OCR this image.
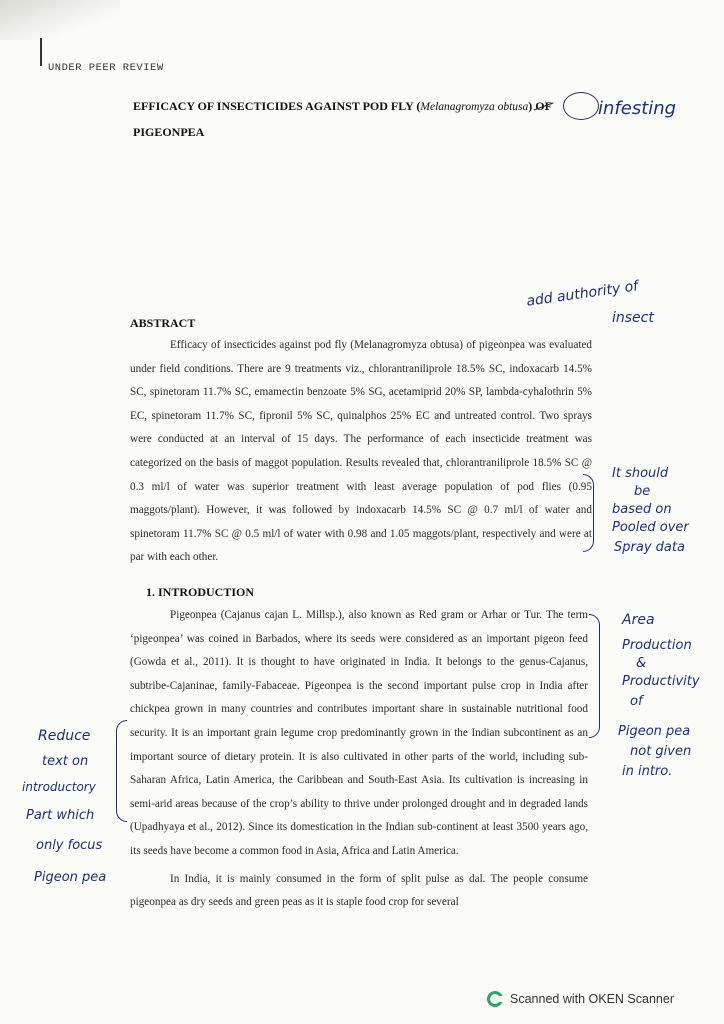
UNDER PEER REVIEW
EFFICACY OF INSECTICIDES AGAINST POD FLY (Melanagromyza obtusa) OF
PIGEONPEA
infesting
add authority of
insect
ABSTRACT

Efficacy of insecticides against pod fly (Melanagromyza obtusa) of pigeonpea was evaluated under field conditions. There are 9 treatments viz., chlorantraniliprole 18.5% SC, indoxacarb 14.5% SC, spinetoram 11.7% SC, emamectin benzoate 5% SG, acetamiprid 20% SP, lambda-cyhalothrin 5% EC, spinetoram 11.7% SC, fipronil 5% SC, quinalphos 25% EC and untreated control. Two sprays were conducted at an interval of 15 days. The performance of each insecticide treatment was categorized on the basis of maggot population. Results revealed that, chlorantraniliprole 18.5% SC @ 0.3 ml/l of water was superior treatment with least average population of pod flies (0.95 maggots/plant). However, it was followed by indoxacarb 14.5% SC @ 0.7 ml/l of water and spinetoram 11.7% SC @ 0.5 ml/l of water with 0.98 and 1.05 maggots/plant, respectively and were at par with each other.

It should
be
based on
Pooled over
Spray data
1. INTRODUCTION

Pigeonpea (Cajanus cajan L. Millsp.), also known as Red gram or Arhar or Tur. The term ‘pigeonpea’ was coined in Barbados, where its seeds were considered as an important pigeon feed (Gowda et al., 2011). It is thought to have originated in India. It belongs to the genus-Cajanus, subtribe-Cajaninae, family-Fabaceae. Pigeonpea is the second important pulse crop in India after chickpea grown in many countries and contributes important share in sustainable nutritional food security. It is an important grain legume crop predominantly grown in the Indian subcontinent as an important source of dietary protein. It is also cultivated in other parts of the world, including sub-Saharan Africa, Latin America, the Caribbean and South-East Asia. Its cultivation is increasing in semi-arid areas because of the crop’s ability to thrive under prolonged drought and in degraded lands (Upadhyaya et al., 2012). Since its domestication in the Indian sub-continent at least 3500 years ago, its seeds have become a common food in Asia, Africa and Latin America.

In India, it is mainly consumed in the form of split pulse as dal. The people consume pigeonpea as dry seeds and green peas as it is staple food crop for several

Area
Production
&
Productivity
of
Pigeon pea
not given
in intro.
Reduce
text on
introductory
Part which
only focus
Pigeon pea
Scanned with OKEN Scanner
